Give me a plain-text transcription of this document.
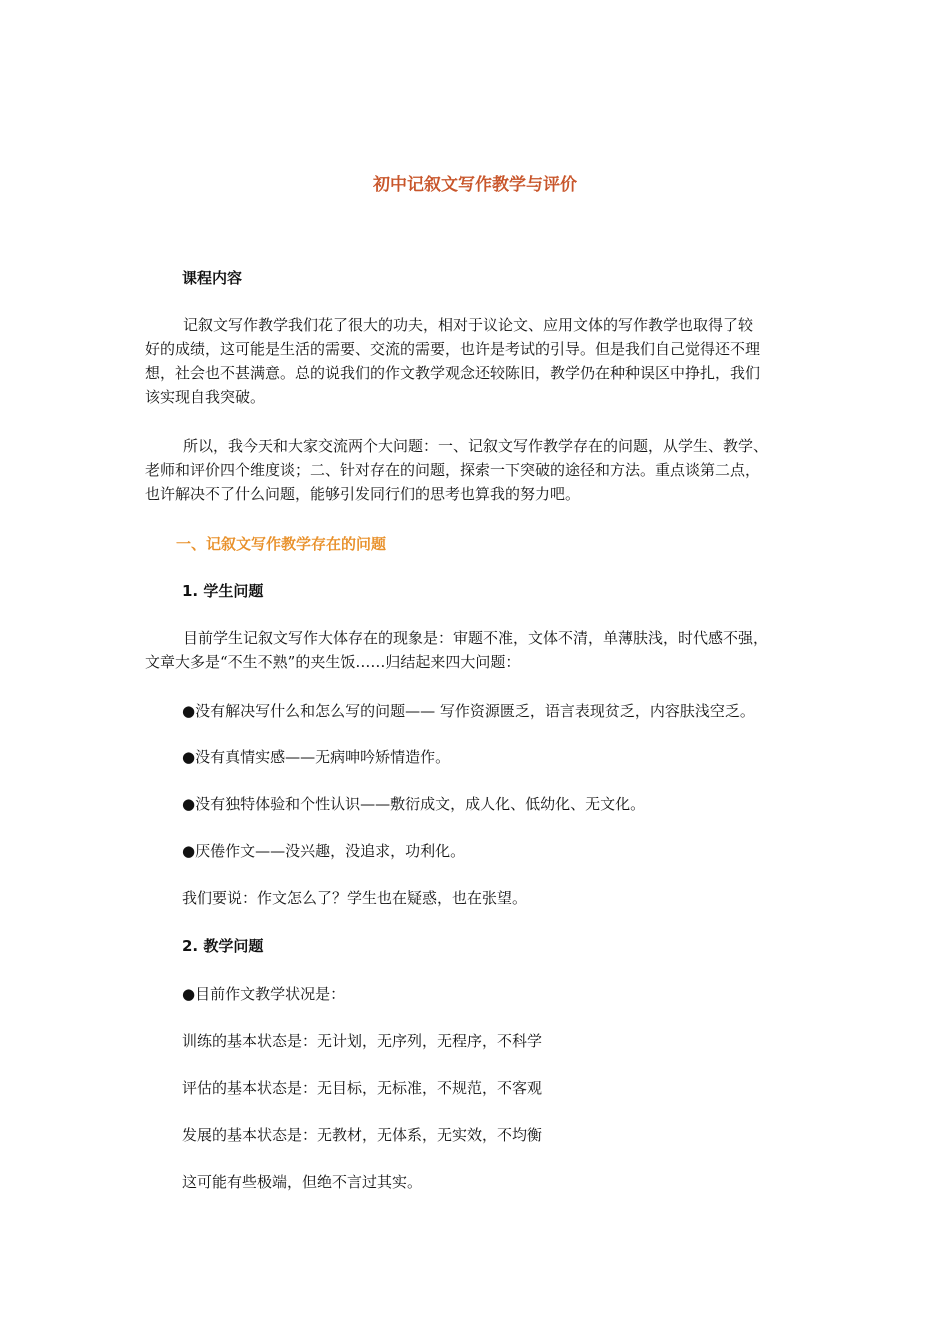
初中记叙文写作教学与评价
课程内容
记叙文写作教学我们花了很大的功夫，相对于议论文、应用文体的写作教学也取得了较
好的成绩，这可能是生活的需要、交流的需要，也许是考试的引导。但是我们自己觉得还不理
想，社会也不甚满意。总的说我们的作文教学观念还较陈旧，教学仍在种种误区中挣扎，我们
该实现自我突破。
所以，我今天和大家交流两个大问题：一、记叙文写作教学存在的问题，从学生、教学、
老师和评价四个维度谈；二、针对存在的问题，探索一下突破的途径和方法。重点谈第二点，
也许解决不了什么问题，能够引发同行们的思考也算我的努力吧。
一、记叙文写作教学存在的问题
1. 学生问题
目前学生记叙文写作大体存在的现象是：审题不准，文体不清，单薄肤浅，时代感不强，
文章大多是“不生不熟”的夹生饭……归结起来四大问题：
●没有解决写什么和怎么写的问题—— 写作资源匮乏，语言表现贫乏，内容肤浅空乏。
●没有真情实感——无病呻吟矫情造作。
●没有独特体验和个性认识——敷衍成文，成人化、低幼化、无文化。
●厌倦作文——没兴趣，没追求，功利化。
我们要说：作文怎么了？学生也在疑惑，也在张望。
2. 教学问题
●目前作文教学状况是：
训练的基本状态是：无计划，无序列，无程序，不科学
评估的基本状态是：无目标，无标准，不规范，不客观
发展的基本状态是：无教材，无体系，无实效，不均衡
这可能有些极端，但绝不言过其实。
